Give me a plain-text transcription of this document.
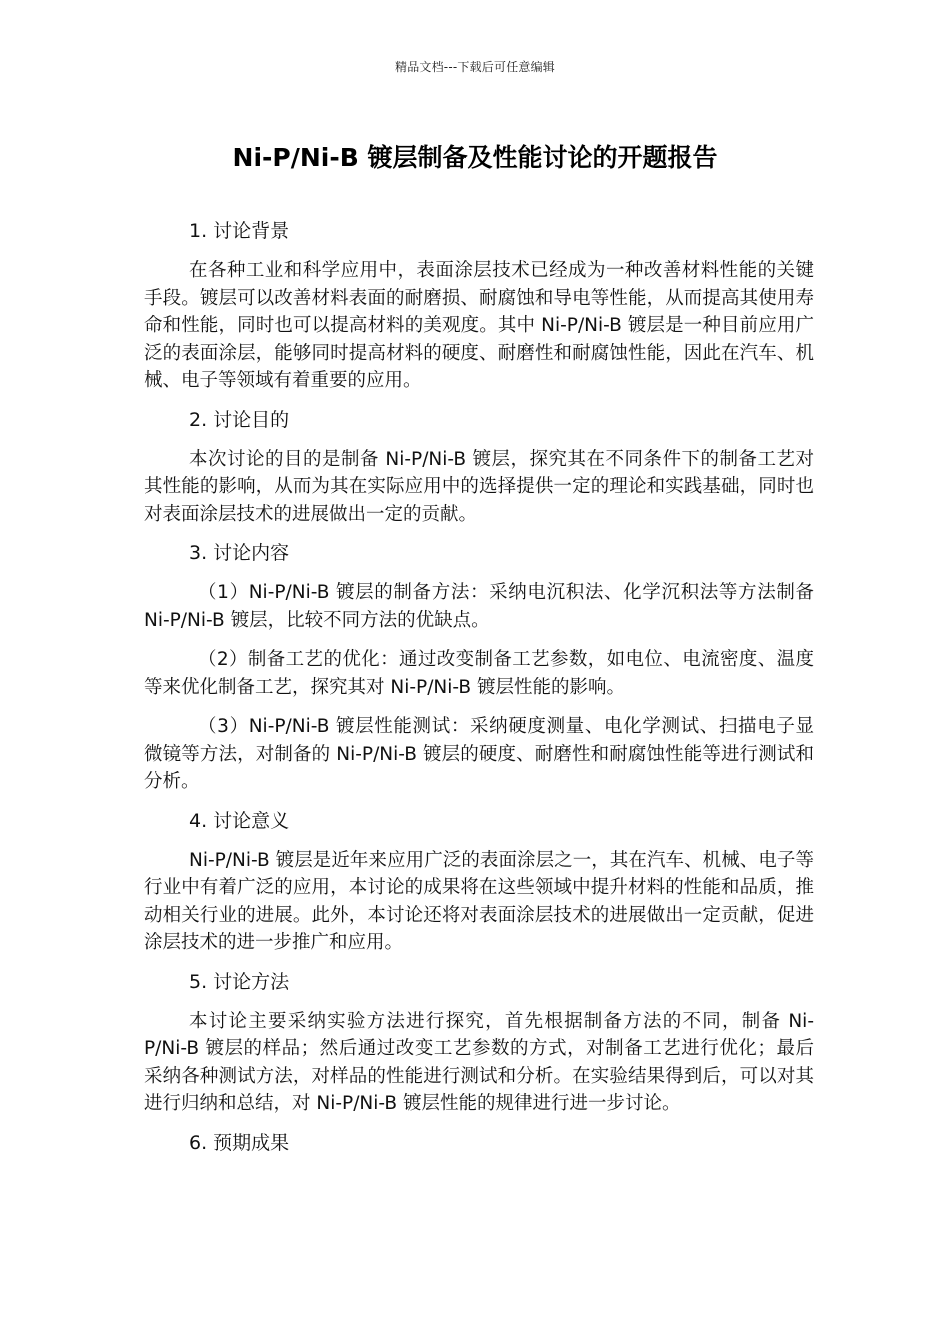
精品文档---下载后可任意编辑
Ni-P/Ni-B 镀层制备及性能讨论的开题报告

1. 讨论背景

在各种工业和科学应用中，表面涂层技术已经成为一种改善材料性能的关键手段。镀层可以改善材料表面的耐磨损、耐腐蚀和导电等性能，从而提高其使用寿命和性能，同时也可以提高材料的美观度。其中 Ni-P/Ni-B 镀层是一种目前应用广泛的表面涂层，能够同时提高材料的硬度、耐磨性和耐腐蚀性能，因此在汽车、机械、电子等领域有着重要的应用。

2. 讨论目的

本次讨论的目的是制备 Ni-P/Ni-B 镀层，探究其在不同条件下的制备工艺对其性能的影响，从而为其在实际应用中的选择提供一定的理论和实践基础，同时也对表面涂层技术的进展做出一定的贡献。

3. 讨论内容

（1）Ni-P/Ni-B 镀层的制备方法：采纳电沉积法、化学沉积法等方法制备 Ni-P/Ni-B 镀层，比较不同方法的优缺点。

（2）制备工艺的优化：通过改变制备工艺参数，如电位、电流密度、温度等来优化制备工艺，探究其对 Ni-P/Ni-B 镀层性能的影响。

（3）Ni-P/Ni-B 镀层性能测试：采纳硬度测量、电化学测试、扫描电子显微镜等方法，对制备的 Ni-P/Ni-B 镀层的硬度、耐磨性和耐腐蚀性能等进行测试和分析。

4. 讨论意义

Ni-P/Ni-B 镀层是近年来应用广泛的表面涂层之一，其在汽车、机械、电子等行业中有着广泛的应用，本讨论的成果将在这些领域中提升材料的性能和品质，推动相关行业的进展。此外，本讨论还将对表面涂层技术的进展做出一定贡献，促进涂层技术的进一步推广和应用。

5. 讨论方法

本讨论主要采纳实验方法进行探究，首先根据制备方法的不同，制备 Ni-P/Ni-B 镀层的样品；然后通过改变工艺参数的方式，对制备工艺进行优化；最后采纳各种测试方法，对样品的性能进行测试和分析。在实验结果得到后，可以对其进行归纳和总结，对 Ni-P/Ni-B 镀层性能的规律进行进一步讨论。

6. 预期成果
